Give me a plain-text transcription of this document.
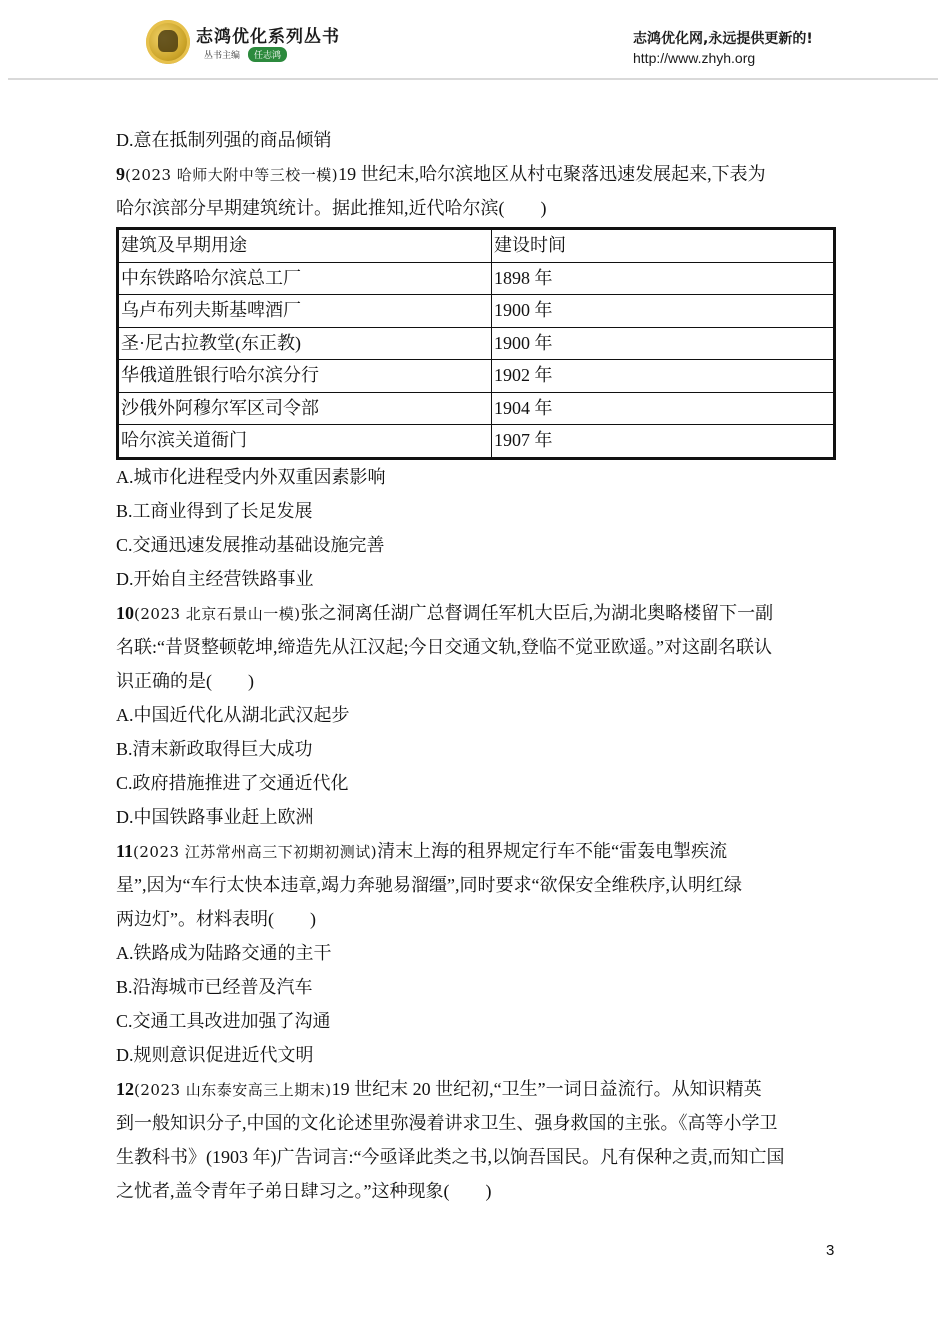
志鸿优化系列丛书
丛书主编	任志鸿
志鸿优化网,永远提供更新的!
http://www.zhyh.org
D.意在抵制列强的商品倾销
9(2023 哈师大附中等三校一模)19 世纪末,哈尔滨地区从村屯聚落迅速发展起来,下表为
哈尔滨部分早期建筑统计。据此推知,近代哈尔滨(　　)
建筑及早期用途	建设时间
中东铁路哈尔滨总工厂	1898 年
乌卢布列夫斯基啤酒厂	1900 年
圣·尼古拉教堂(东正教)	1900 年
华俄道胜银行哈尔滨分行	1902 年
沙俄外阿穆尔军区司令部	1904 年
哈尔滨关道衙门	1907 年
A.城市化进程受内外双重因素影响
B.工商业得到了长足发展
C.交通迅速发展推动基础设施完善
D.开始自主经营铁路事业
10(2023 北京石景山一模)张之洞离任湖广总督调任军机大臣后,为湖北奥略楼留下一副
名联:“昔贤整顿乾坤,缔造先从江汉起;今日交通文轨,登临不觉亚欧遥。”对这副名联认
识正确的是(　　)
A.中国近代化从湖北武汉起步
B.清末新政取得巨大成功
C.政府措施推进了交通近代化
D.中国铁路事业赶上欧洲
11(2023 江苏常州高三下初期初测试)清末上海的租界规定行车不能“雷轰电掣疾流
星”,因为“车行太快本违章,竭力奔驰易溜缰”,同时要求“欲保安全维秩序,认明红绿
两边灯”。材料表明(　　)
A.铁路成为陆路交通的主干
B.沿海城市已经普及汽车
C.交通工具改进加强了沟通
D.规则意识促进近代文明
12(2023 山东泰安高三上期末)19 世纪末 20 世纪初,“卫生”一词日益流行。从知识精英
到一般知识分子,中国的文化论述里弥漫着讲求卫生、强身救国的主张。《高等小学卫
生教科书》(1903 年)广告词言:“今亟译此类之书,以饷吾国民。凡有保种之责,而知亡国
之忧者,盖令青年子弟日肆习之。”这种现象(　　)
3
